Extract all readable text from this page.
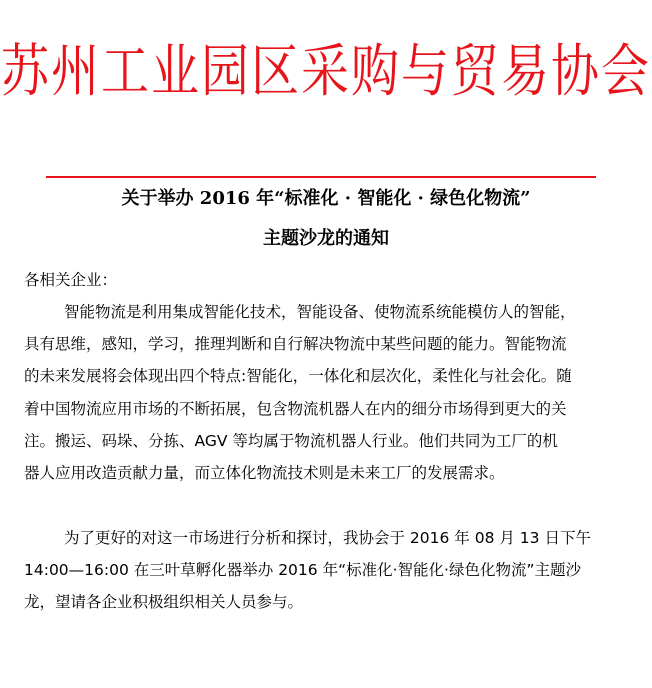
苏州工业园区采购与贸易协会
关于举办 2016 年“标准化 · 智能化 · 绿色化物流”
主题沙龙的通知
各相关企业：
智能物流是利用集成智能化技术，智能设备、使物流系统能模仿人的智能，
具有思维，感知，学习，推理判断和自行解决物流中某些问题的能力。智能物流
的未来发展将会体现出四个特点:智能化，一体化和层次化，柔性化与社会化。随
着中国物流应用市场的不断拓展，包含物流机器人在内的细分市场得到更大的关
注。搬运、码垛、分拣、AGV 等均属于物流机器人行业。他们共同为工厂的机
器人应用改造贡献力量，而立体化物流技术则是未来工厂的发展需求。
为了更好的对这一市场进行分析和探讨，我协会于 2016 年 08 月 13 日下午
14:00—16:00 在三叶草孵化器举办 2016 年“标准化·智能化·绿色化物流”主题沙
龙，望请各企业积极组织相关人员参与。
